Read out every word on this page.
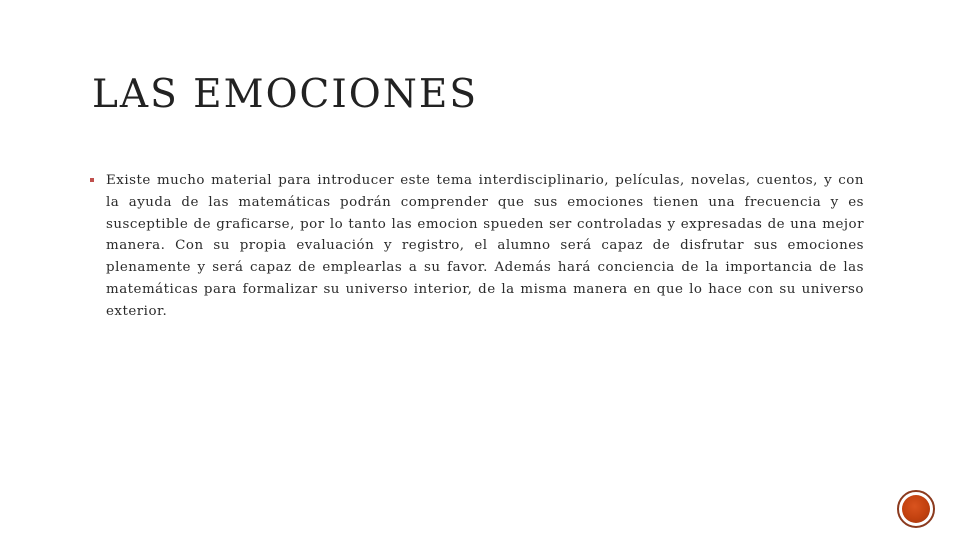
LAS EMOCIONES

Existe mucho material para introducer este tema interdisciplinario, películas, novelas, cuentos, y con la ayuda de las matemáticas podrán comprender que sus emociones tienen una frecuencia y es susceptible de graficarse, por lo tanto las emocion spueden ser controladas y expresadas de una mejor manera. Con su propia evaluación y registro, el alumno será capaz de disfrutar sus emociones plenamente y será capaz de emplearlas a su favor. Además hará conciencia de la importancia de las matemáticas para formalizar su universo interior, de la misma manera en que lo hace con su universo exterior.
